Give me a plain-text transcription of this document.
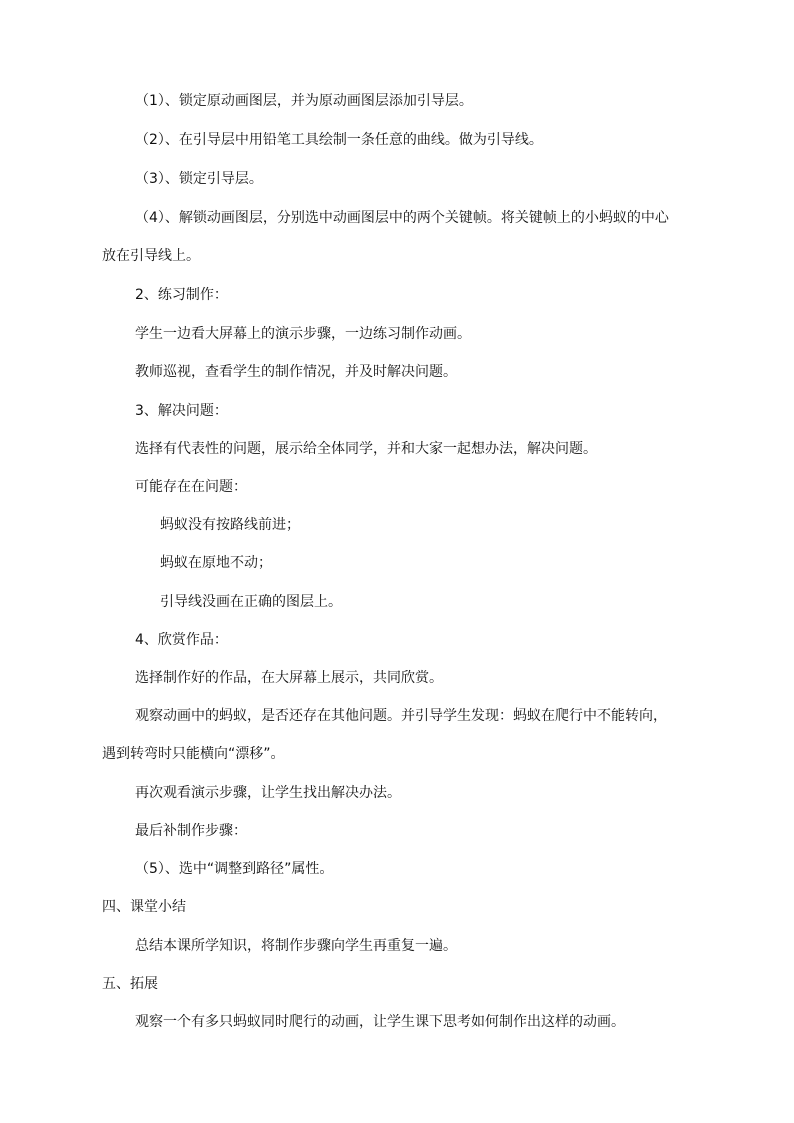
（1）、锁定原动画图层，并为原动画图层添加引导层。
（2）、在引导层中用铅笔工具绘制一条任意的曲线。做为引导线。
（3）、锁定引导层。
（4）、解锁动画图层，分别选中动画图层中的两个关键帧。将关键帧上的小蚂蚁的中心
放在引导线上。
2、练习制作：
学生一边看大屏幕上的演示步骤，一边练习制作动画。
教师巡视，查看学生的制作情况，并及时解决问题。
3、解决问题：
选择有代表性的问题，展示给全体同学，并和大家一起想办法，解决问题。
可能存在在问题：
蚂蚁没有按路线前进；
蚂蚁在原地不动；
引导线没画在正确的图层上。
4、欣赏作品：
选择制作好的作品，在大屏幕上展示，共同欣赏。
观察动画中的蚂蚁，是否还存在其他问题。并引导学生发现：蚂蚁在爬行中不能转向，
遇到转弯时只能横向“漂移”。
再次观看演示步骤，让学生找出解决办法。
最后补制作步骤：
（5）、选中“调整到路径”属性。
四、课堂小结
总结本课所学知识，将制作步骤向学生再重复一遍。
五、拓展
观察一个有多只蚂蚁同时爬行的动画，让学生课下思考如何制作出这样的动画。
